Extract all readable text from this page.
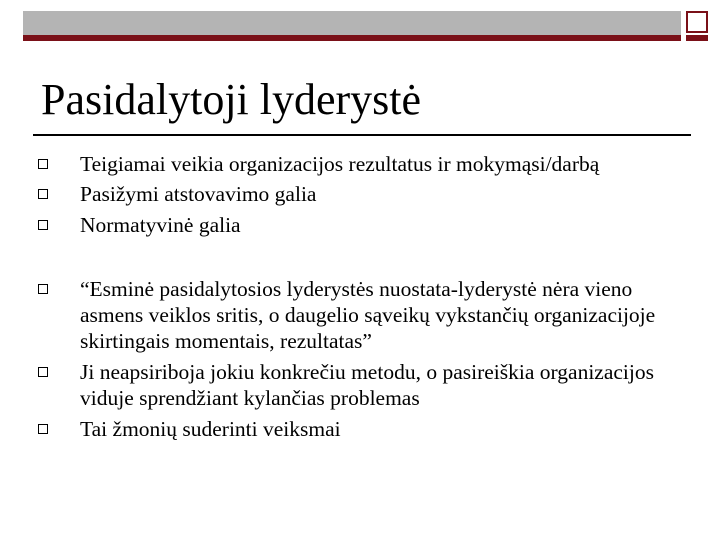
Pasidalytoji lyderystė
Teigiamai veikia organizacijos rezultatus ir mokymąsi/darbą
Pasižymi atstovavimo galia
Normatyvinė galia
“Esminė pasidalytosios lyderystės nuostata-lyderystė nėra vieno asmens veiklos sritis, o daugelio sąveikų vykstančių organizacijoje skirtingais momentais, rezultatas”
Ji neapsiriboja jokiu konkrečiu metodu, o pasireiškia organizacijos viduje sprendžiant kylančias problemas
Tai žmonių suderinti veiksmai
